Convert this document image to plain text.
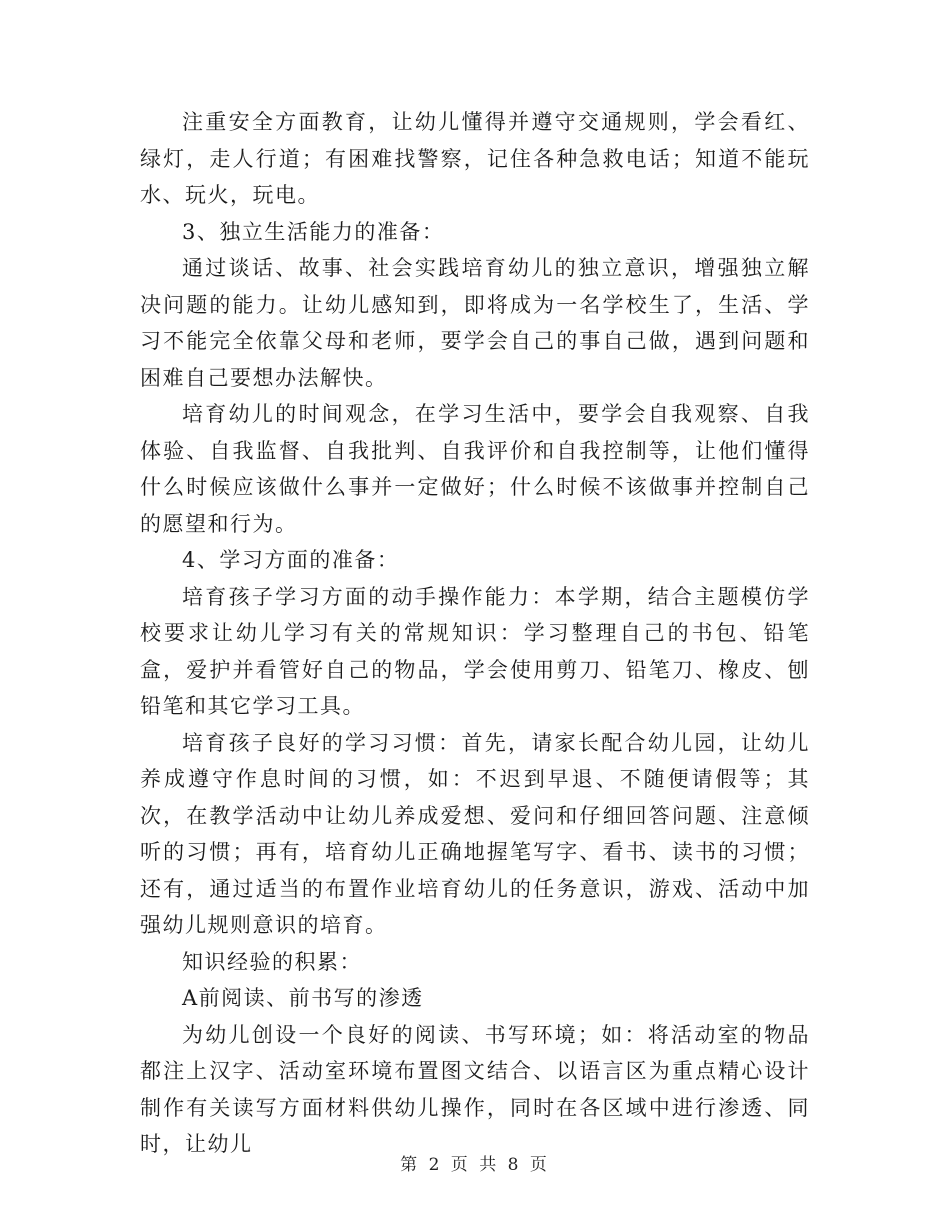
注重安全方面教育，让幼儿懂得并遵守交通规则，学会看红、绿灯，走人行道；有困难找警察，记住各种急救电话；知道不能玩水、玩火，玩电。

3、独立生活能力的准备：

通过谈话、故事、社会实践培育幼儿的独立意识，增强独立解决问题的能力。让幼儿感知到，即将成为一名学校生了，生活、学习不能完全依靠父母和老师，要学会自己的事自己做，遇到问题和困难自己要想办法解快。

培育幼儿的时间观念，在学习生活中，要学会自我观察、自我体验、自我监督、自我批判、自我评价和自我控制等，让他们懂得什么时候应该做什么事并一定做好；什么时候不该做事并控制自己的愿望和行为。

4、学习方面的准备：

培育孩子学习方面的动手操作能力：本学期，结合主题模仿学校要求让幼儿学习有关的常规知识：学习整理自己的书包、铅笔盒，爱护并看管好自己的物品，学会使用剪刀、铅笔刀、橡皮、刨铅笔和其它学习工具。

培育孩子良好的学习习惯：首先，请家长配合幼儿园，让幼儿养成遵守作息时间的习惯，如：不迟到早退、不随便请假等；其次，在教学活动中让幼儿养成爱想、爱问和仔细回答问题、注意倾听的习惯；再有，培育幼儿正确地握笔写字、看书、读书的习惯；还有，通过适当的布置作业培育幼儿的任务意识，游戏、活动中加强幼儿规则意识的培育。

知识经验的积累：

A前阅读、前书写的渗透

为幼儿创设一个良好的阅读、书写环境；如：将活动室的物品都注上汉字、活动室环境布置图文结合、以语言区为重点精心设计制作有关读写方面材料供幼儿操作，同时在各区域中进行渗透、同时，让幼儿

第 2 页 共 8 页
